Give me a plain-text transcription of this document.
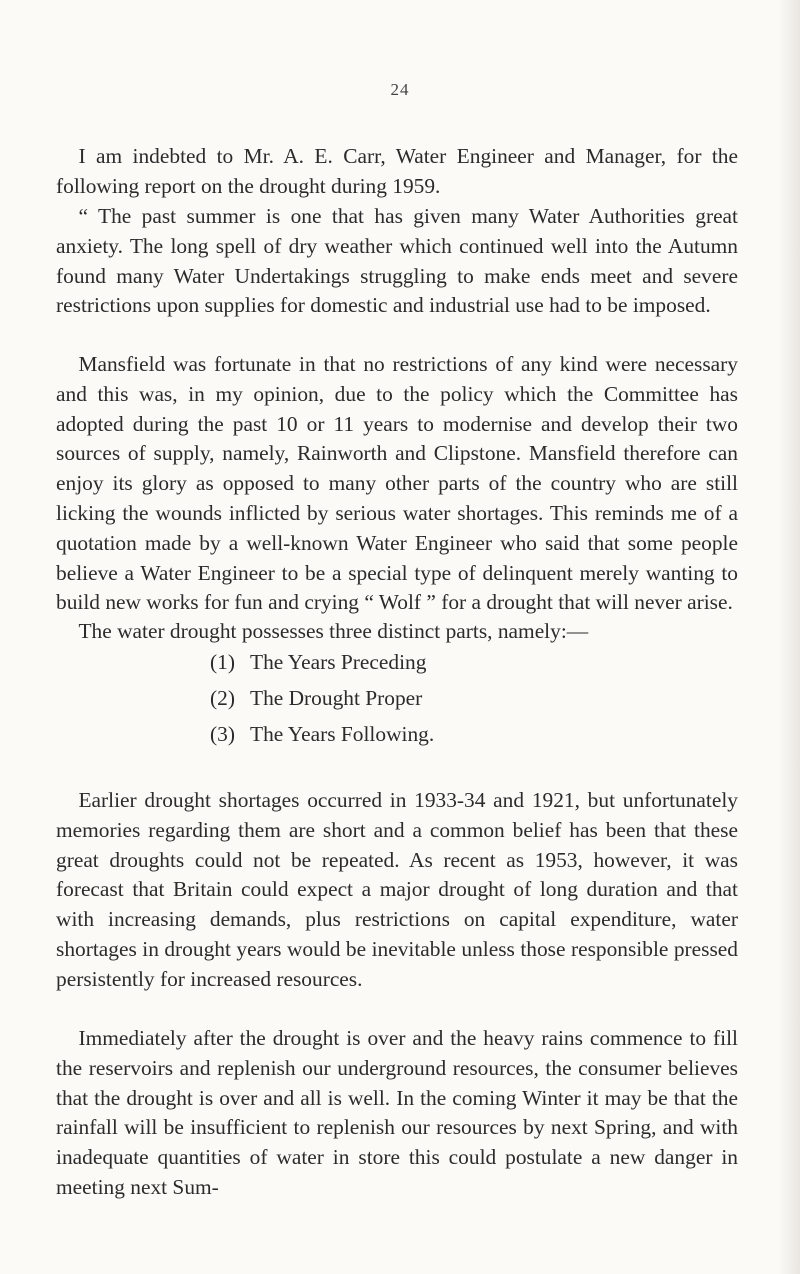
24

I am indebted to Mr. A. E. Carr, Water Engineer and Manager, for the following report on the drought during 1959.

“ The past summer is one that has given many Water Authorities great anxiety. The long spell of dry weather which continued well into the Autumn found many Water Undertakings struggling to make ends meet and severe restrictions upon supplies for domestic and industrial use had to be imposed.

Mansfield was fortunate in that no restrictions of any kind were necessary and this was, in my opinion, due to the policy which the Committee has adopted during the past 10 or 11 years to modernise and develop their two sources of supply, namely, Rainworth and Clipstone. Mansfield therefore can enjoy its glory as opposed to many other parts of the country who are still licking the wounds inflicted by serious water shortages. This reminds me of a quotation made by a well-known Water Engineer who said that some people believe a Water Engineer to be a special type of delinquent merely wanting to build new works for fun and crying “ Wolf ” for a drought that will never arise.

The water drought possesses three distinct parts, namely:—

(1) The Years Preceding

(2) The Drought Proper

(3) The Years Following.

Earlier drought shortages occurred in 1933-34 and 1921, but unfortunately memories regarding them are short and a common belief has been that these great droughts could not be repeated. As recent as 1953, however, it was forecast that Britain could expect a major drought of long duration and that with increasing demands, plus restrictions on capital expenditure, water shortages in drought years would be inevitable unless those responsible pressed persistently for increased resources.

Immediately after the drought is over and the heavy rains commence to fill the reservoirs and replenish our underground resources, the consumer believes that the drought is over and all is well. In the coming Winter it may be that the rainfall will be insufficient to replenish our resources by next Spring, and with inadequate quantities of water in store this could postulate a new danger in meeting next Sum-
